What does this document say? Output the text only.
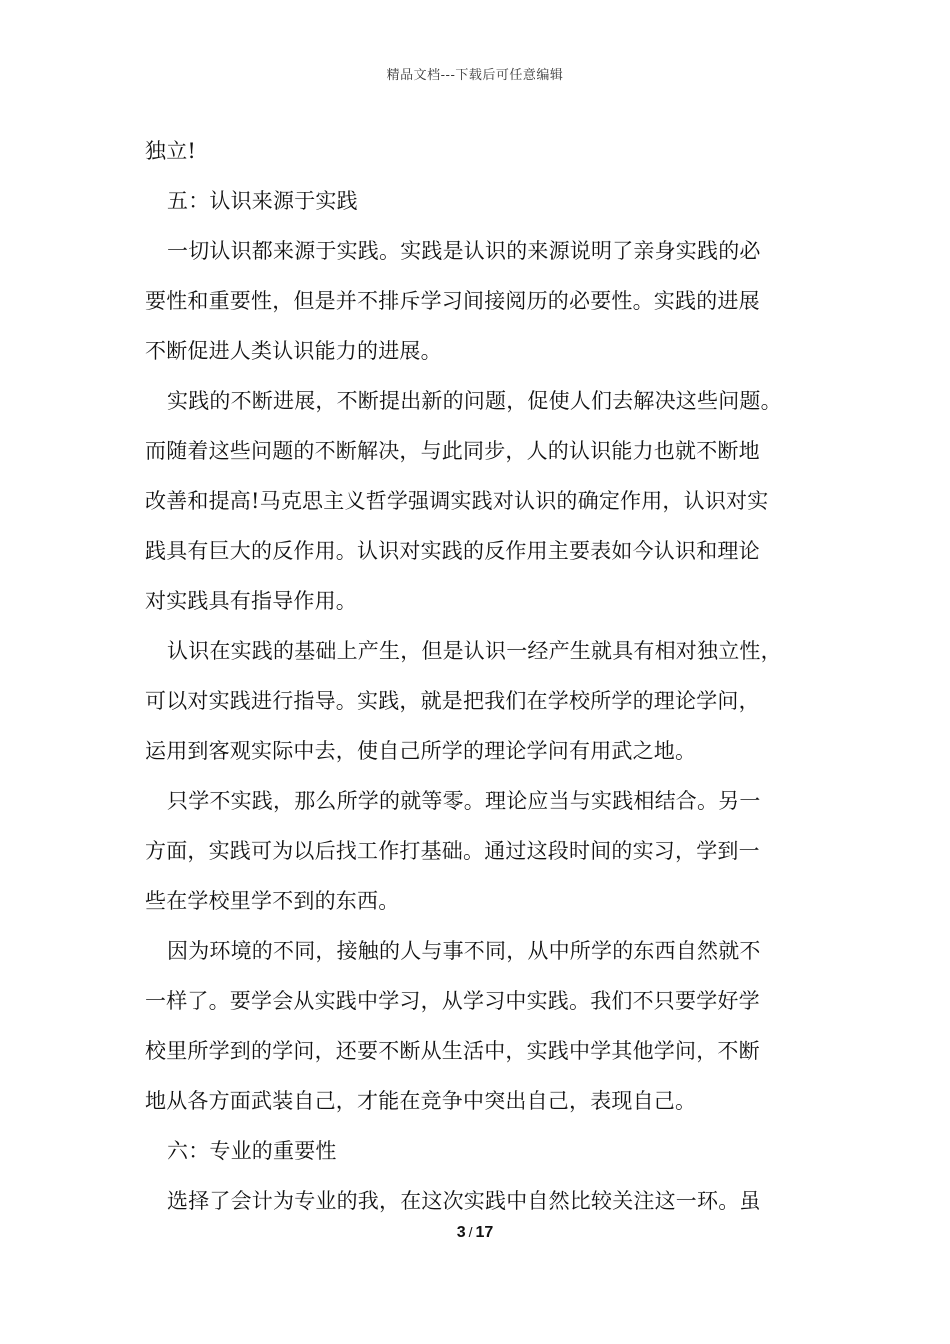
精品文档---下载后可任意编辑
独立!
五：认识来源于实践
一切认识都来源于实践。实践是认识的来源说明了亲身实践的必
要性和重要性，但是并不排斥学习间接阅历的必要性。实践的进展
不断促进人类认识能力的进展。
实践的不断进展，不断提出新的问题，促使人们去解决这些问题。
而随着这些问题的不断解决，与此同步，人的认识能力也就不断地
改善和提高!马克思主义哲学强调实践对认识的确定作用，认识对实
践具有巨大的反作用。认识对实践的反作用主要表如今认识和理论
对实践具有指导作用。
认识在实践的基础上产生，但是认识一经产生就具有相对独立性，
可以对实践进行指导。实践，就是把我们在学校所学的理论学问，
运用到客观实际中去，使自己所学的理论学问有用武之地。
只学不实践，那么所学的就等零。理论应当与实践相结合。另一
方面，实践可为以后找工作打基础。通过这段时间的实习，学到一
些在学校里学不到的东西。
因为环境的不同，接触的人与事不同，从中所学的东西自然就不
一样了。要学会从实践中学习，从学习中实践。我们不只要学好学
校里所学到的学问，还要不断从生活中，实践中学其他学问，不断
地从各方面武装自己，才能在竞争中突出自己，表现自己。
六：专业的重要性
选择了会计为专业的我，在这次实践中自然比较关注这一环。虽
3 / 17
